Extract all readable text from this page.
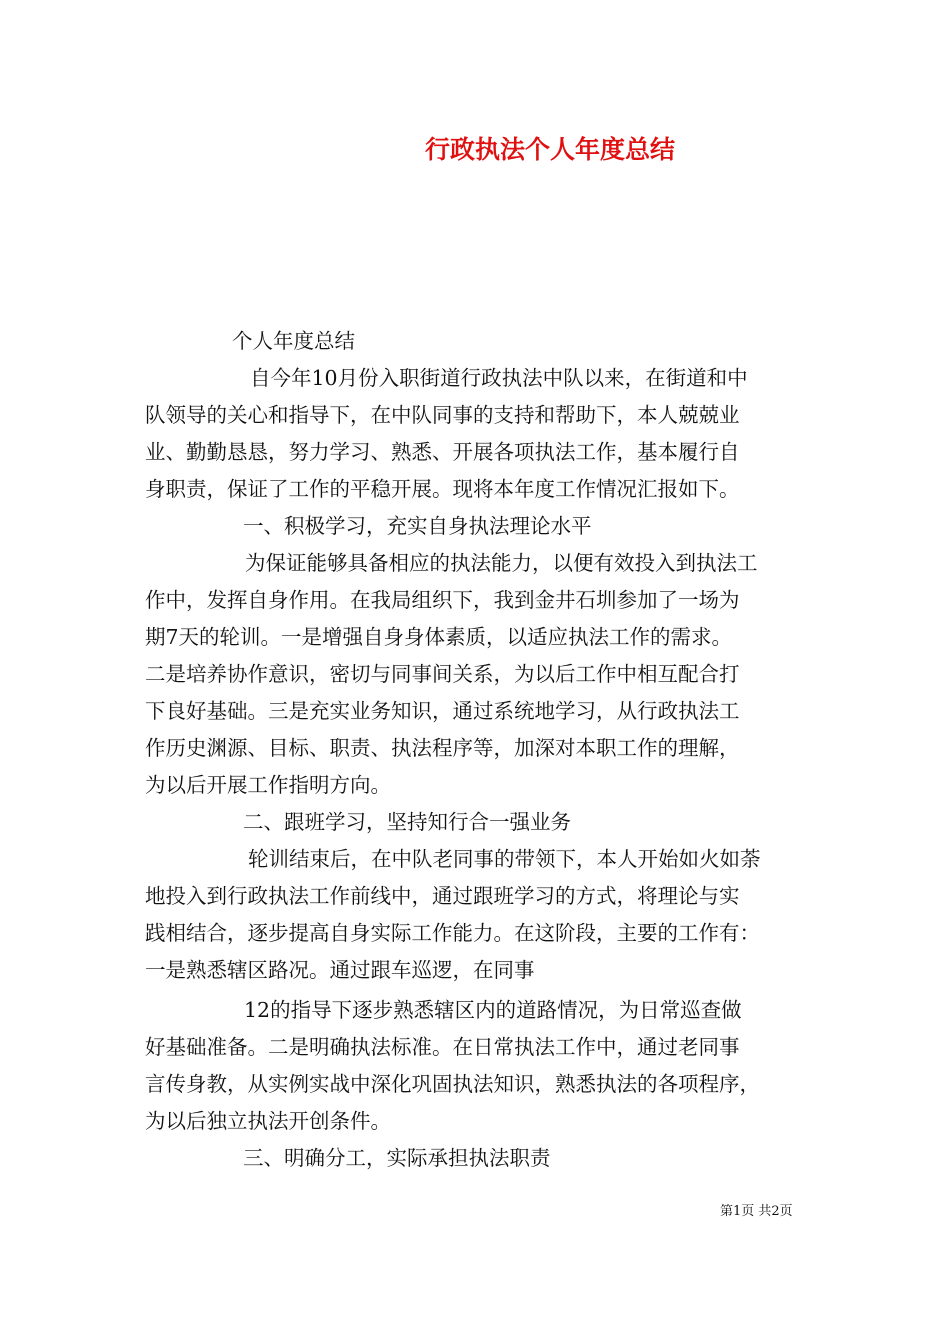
行政执法个人年度总结
个人年度总结
自今年10月份入职街道行政执法中队以来，在街道和中
队领导的关心和指导下，在中队同事的支持和帮助下，本人兢兢业
业、勤勤恳恳，努力学习、熟悉、开展各项执法工作，基本履行自
身职责，保证了工作的平稳开展。现将本年度工作情况汇报如下。
一、积极学习，充实自身执法理论水平
为保证能够具备相应的执法能力，以便有效投入到执法工
作中，发挥自身作用。在我局组织下，我到金井石圳参加了一场为
期7天的轮训。一是增强自身身体素质，以适应执法工作的需求。
二是培养协作意识，密切与同事间关系，为以后工作中相互配合打
下良好基础。三是充实业务知识，通过系统地学习，从行政执法工
作历史渊源、目标、职责、执法程序等，加深对本职工作的理解，
为以后开展工作指明方向。
二、跟班学习，坚持知行合一强业务
轮训结束后，在中队老同事的带领下，本人开始如火如荼
地投入到行政执法工作前线中，通过跟班学习的方式，将理论与实
践相结合，逐步提高自身实际工作能力。在这阶段，主要的工作有：
一是熟悉辖区路况。通过跟车巡逻，在同事
12的指导下逐步熟悉辖区内的道路情况，为日常巡查做
好基础准备。二是明确执法标准。在日常执法工作中，通过老同事
言传身教，从实例实战中深化巩固执法知识，熟悉执法的各项程序，
为以后独立执法开创条件。
三、明确分工，实际承担执法职责
第1页 共2页
